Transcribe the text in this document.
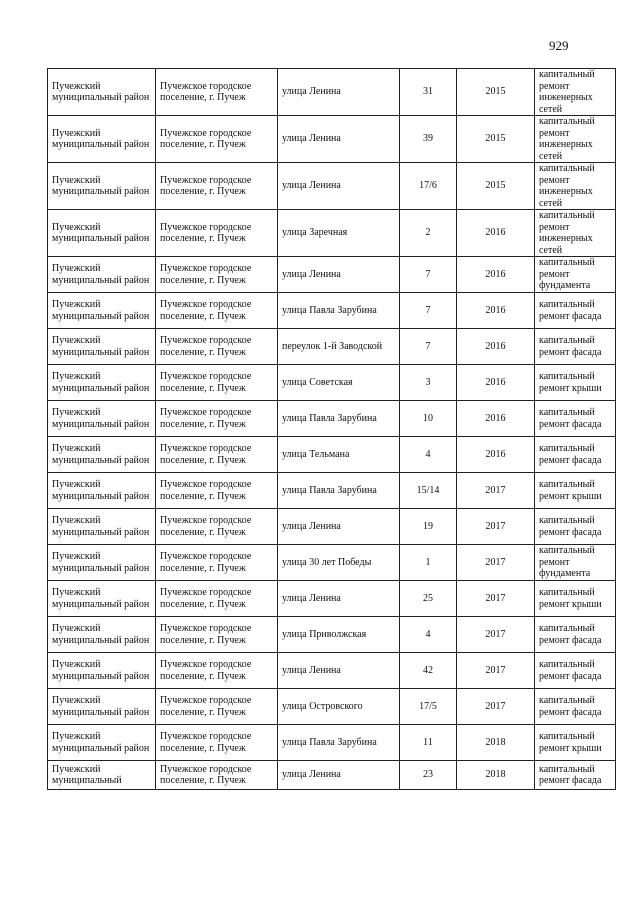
929
Пучежский муниципальный район	Пучежское городское поселение, г. Пучеж	улица Ленина	31	2015	капитальный ремонт инженерных сетей
Пучежский муниципальный район	Пучежское городское поселение, г. Пучеж	улица Ленина	39	2015	капитальный ремонт инженерных сетей
Пучежский муниципальный район	Пучежское городское поселение, г. Пучеж	улица Ленина	17/6	2015	капитальный ремонт инженерных сетей
Пучежский муниципальный район	Пучежское городское поселение, г. Пучеж	улица Заречная	2	2016	капитальный ремонт инженерных сетей
Пучежский муниципальный район	Пучежское городское поселение, г. Пучеж	улица Ленина	7	2016	капитальный ремонт фундамента
Пучежский муниципальный район	Пучежское городское поселение, г. Пучеж	улица Павла Зарубина	7	2016	капитальный ремонт фасада
Пучежский муниципальный район	Пучежское городское поселение, г. Пучеж	переулок 1-й Заводской	7	2016	капитальный ремонт фасада
Пучежский муниципальный район	Пучежское городское поселение, г. Пучеж	улица Советская	3	2016	капитальный ремонт крыши
Пучежский муниципальный район	Пучежское городское поселение, г. Пучеж	улица Павла Зарубина	10	2016	капитальный ремонт фасада
Пучежский муниципальный район	Пучежское городское поселение, г. Пучеж	улица Тельмана	4	2016	капитальный ремонт фасада
Пучежский муниципальный район	Пучежское городское поселение, г. Пучеж	улица Павла Зарубина	15/14	2017	капитальный ремонт крыши
Пучежский муниципальный район	Пучежское городское поселение, г. Пучеж	улица Ленина	19	2017	капитальный ремонт фасада
Пучежский муниципальный район	Пучежское городское поселение, г. Пучеж	улица 30 лет Победы	1	2017	капитальный ремонт фундамента
Пучежский муниципальный район	Пучежское городское поселение, г. Пучеж	улица Ленина	25	2017	капитальный ремонт крыши
Пучежский муниципальный район	Пучежское городское поселение, г. Пучеж	улица Приволжская	4	2017	капитальный ремонт фасада
Пучежский муниципальный район	Пучежское городское поселение, г. Пучеж	улица Ленина	42	2017	капитальный ремонт фасада
Пучежский муниципальный район	Пучежское городское поселение, г. Пучеж	улица Островского	17/5	2017	капитальный ремонт фасада
Пучежский муниципальный район	Пучежское городское поселение, г. Пучеж	улица Павла Зарубина	11	2018	капитальный ремонт крыши
Пучежский муниципальный	Пучежское городское поселение, г. Пучеж	улица Ленина	23	2018	капитальный ремонт фасада
